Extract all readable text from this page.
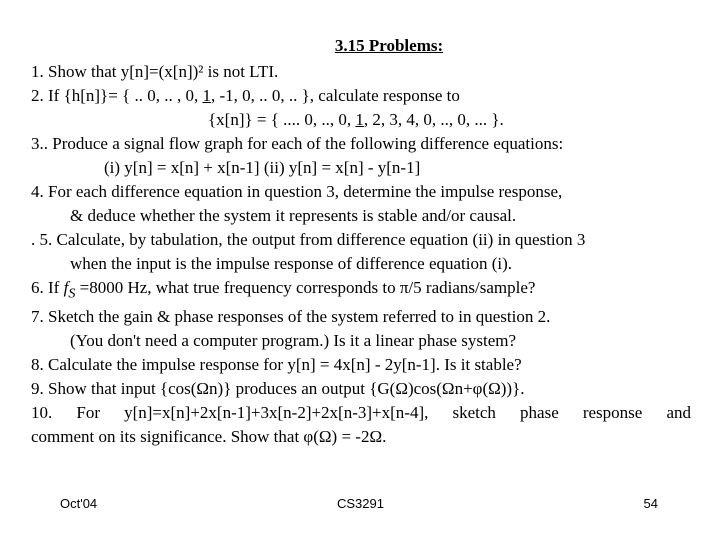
3.15 Problems:
1. Show that y[n]=(x[n])² is not LTI.
2. If {h[n]}= { .. 0, .. , 0, 1, -1, 0, .. 0, .. }, calculate response to
{x[n]} = { .... 0, .., 0, 1, 2, 3, 4, 0, .., 0, ... }.
3.. Produce a signal flow graph for each of the following difference equations:
(i) y[n] = x[n] + x[n-1] (ii) y[n] = x[n] - y[n-1]
4. For each difference equation in question 3, determine the impulse response,
& deduce whether the system it represents is stable and/or causal.
. 5. Calculate, by tabulation, the output from difference equation (ii) in question 3
when the input is the impulse response of difference equation (i).
6. If $f_S =8000$ Hz, what true frequency corresponds to π/5 radians/sample?
7. Sketch the gain & phase responses of the system referred to in question 2.
(You don't need a computer program.) Is it a linear phase system?
8. Calculate the impulse response for y[n] = 4x[n] - 2y[n-1]. Is it stable?
9. Show that input {cos(Ωn)} produces an output {G(Ω)cos(Ωn+φ(Ω))}.
10. For y[n]=x[n]+2x[n-1]+3x[n-2]+2x[n-3]+x[n-4], sketch phase response and
comment on its significance. Show that φ(Ω) = -2Ω.
Oct'04	CS3291	54
